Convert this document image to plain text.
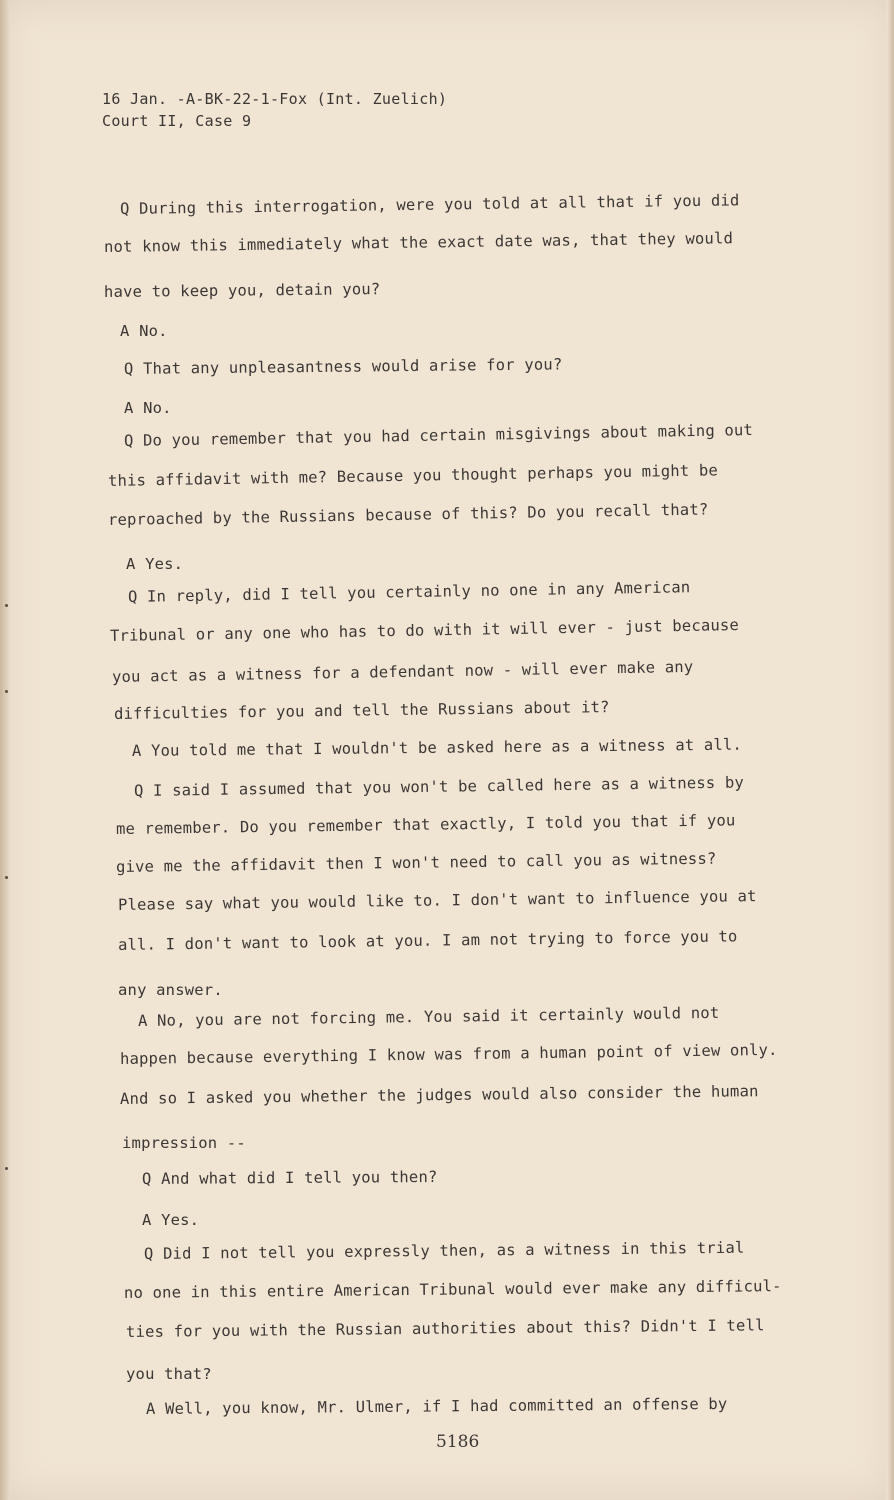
16 Jan. -A-BK-22-1-Fox (Int. Zuelich)
Court II, Case 9
Q During this interrogation, were you told at all that if you did
not know this immediately what the exact date was, that they would
have to keep you, detain you?
A No.
Q That any unpleasantness would arise for you?
A No.
Q Do you remember that you had certain misgivings about making out
this affidavit with me? Because you thought perhaps you might be
reproached by the Russians because of this? Do you recall that?
A Yes.
Q In reply, did I tell you certainly no one in any American
Tribunal or any one who has to do with it will ever - just because
you act as a witness for a defendant now - will ever make any
difficulties for you and tell the Russians about it?
A You told me that I wouldn't be asked here as a witness at all.
Q I said I assumed that you won't be called here as a witness by
me remember. Do you remember that exactly, I told you that if you
give me the affidavit then I won't need to call you as witness?
Please say what you would like to. I don't want to influence you at
all. I don't want to look at you. I am not trying to force you to
any answer.
A No, you are not forcing me. You said it certainly would not
happen because everything I know was from a human point of view only.
And so I asked you whether the judges would also consider the human
impression --
Q And what did I tell you then?
A Yes.
Q Did I not tell you expressly then, as a witness in this trial
no one in this entire American Tribunal would ever make any difficul-
ties for you with the Russian authorities about this? Didn't I tell
you that?
A Well, you know, Mr. Ulmer, if I had committed an offense by
5186
